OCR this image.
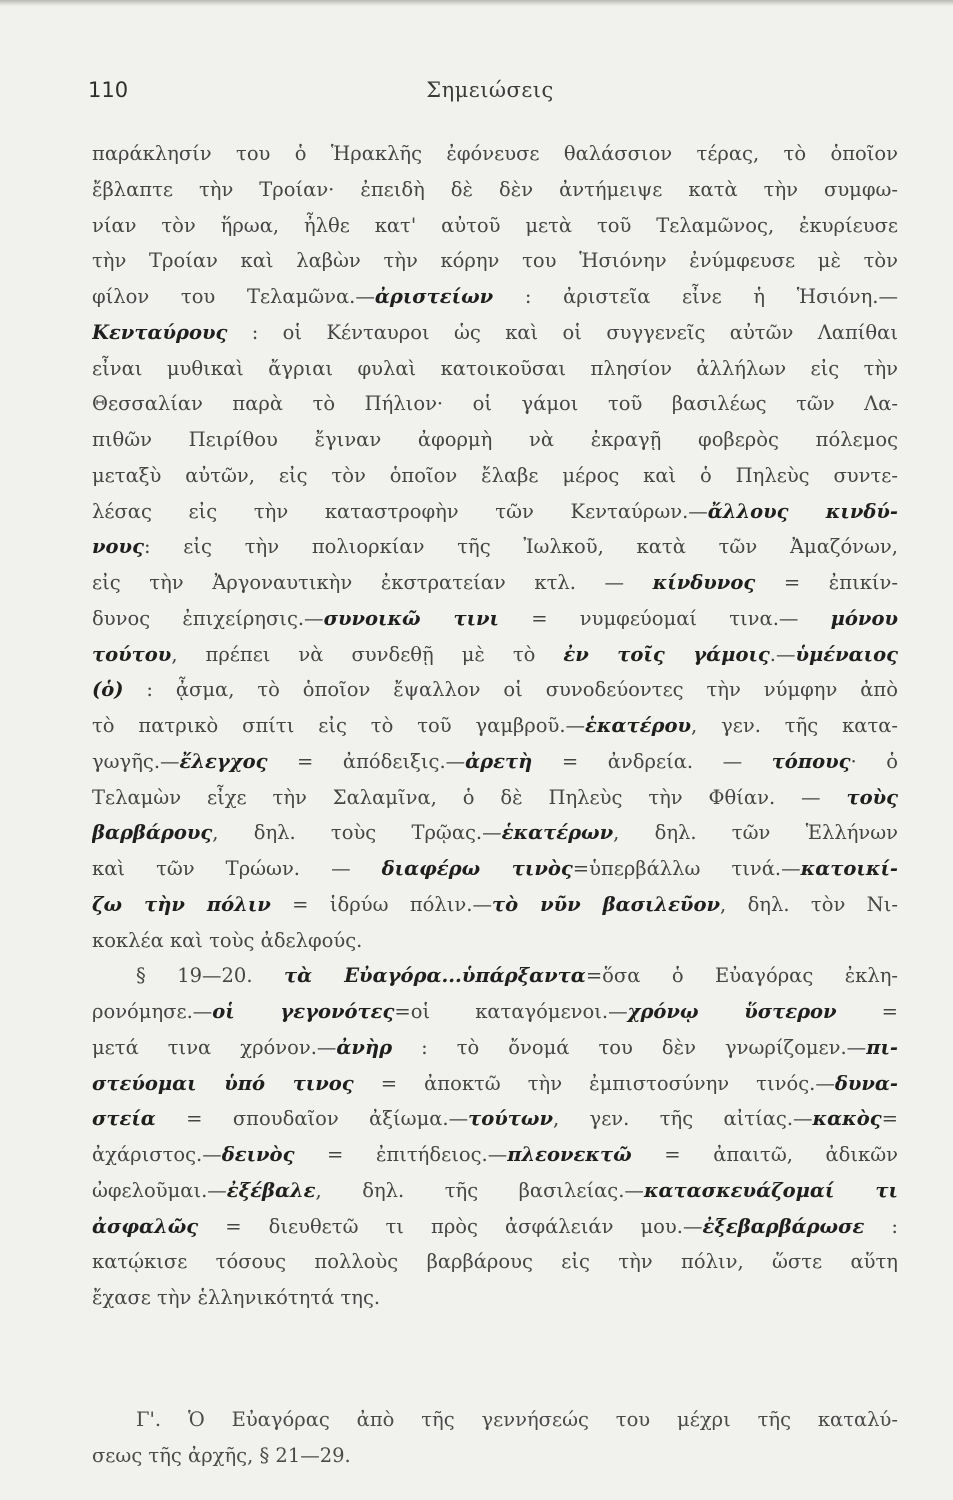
110	Σημειώσεις
παράκλησίν του ὁ Ἡρακλῆς ἐφόνευσε θαλάσσιον τέρας, τὸ ὁποῖον
ἔβλαπτε τὴν Τροίαν· ἐπειδὴ δὲ δὲν ἀντήμειψε κατὰ τὴν συμφω-
νίαν τὸν ἥρωα, ἦλθε κατ' αὐτοῦ μετὰ τοῦ Τελαμῶνος, ἐκυρίευσε
τὴν Τροίαν καὶ λαβὼν τὴν κόρην του Ἡσιόνην ἐνύμφευσε μὲ τὸν
φίλον του Τελαμῶνα.—ἀριστείων : ἀριστεῖα εἶνε ἡ Ἡσιόνη.—
Κενταύρους : οἱ Κένταυροι ὡς καὶ οἱ συγγενεῖς αὐτῶν Λαπίθαι
εἶναι μυθικαὶ ἄγριαι φυλαὶ κατοικοῦσαι πλησίον ἀλλήλων εἰς τὴν
Θεσσαλίαν παρὰ τὸ Πήλιον· οἱ γάμοι τοῦ βασιλέως τῶν Λα-
πιθῶν Πειρίθου ἔγιναν ἀφορμὴ νὰ ἐκραγῇ φοβερὸς πόλεμος
μεταξὺ αὐτῶν, εἰς τὸν ὁποῖον ἔλαβε μέρος καὶ ὁ Πηλεὺς συντε-
λέσας εἰς τὴν καταστροφὴν τῶν Κενταύρων.—ἄλλους κινδύ-
νους: εἰς τὴν πολιορκίαν τῆς Ἰωλκοῦ, κατὰ τῶν Ἀμαζόνων,
εἰς τὴν Ἀργοναυτικὴν ἐκστρατείαν κτλ. — κίνδυνος = ἐπικίν-
δυνος ἐπιχείρησις.—συνοικῶ τινι = νυμφεύομαί τινα.— μόνου
τούτου, πρέπει νὰ συνδεθῇ μὲ τὸ ἐν τοῖς γάμοις.—ὑμέναιος
(ὁ) : ᾆσμα, τὸ ὁποῖον ἔψαλλον οἱ συνοδεύοντες τὴν νύμφην ἀπὸ
τὸ πατρικὸ σπίτι εἰς τὸ τοῦ γαμβροῦ.—ἑκατέρου, γεν. τῆς κατα-
γωγῆς.—ἔλεγχος = ἀπόδειξις.—ἀρετὴ = ἀνδρεία. — τόπους· ὁ
Τελαμὼν εἶχε τὴν Σαλαμῖνα, ὁ δὲ Πηλεὺς τὴν Φθίαν. — τοὺς
βαρβάρους, δηλ. τοὺς Τρῷας.—ἑκατέρων, δηλ. τῶν Ἑλλήνων
καὶ τῶν Τρώων. — διαφέρω τινὸς=ὑπερβάλλω τινά.—κατοικί-
ζω τὴν πόλιν = ἱδρύω πόλιν.—τὸ νῦν βασιλεῦον, δηλ. τὸν Νι-
κοκλέα καὶ τοὺς ἀδελφούς.
§ 19—20. τὰ Εὐαγόρα...ὑπάρξαντα=ὅσα ὁ Εὐαγόρας ἐκλη-
ρονόμησε.—οἱ γεγονότες=οἱ καταγόμενοι.—χρόνῳ ὕστερον =
μετά τινα χρόνον.—ἀνὴρ : τὸ ὄνομά του δὲν γνωρίζομεν.—πι-
στεύομαι ὑπό τινος = ἀποκτῶ τὴν ἐμπιστοσύνην τινός.—δυνα-
στεία = σπουδαῖον ἀξίωμα.—τούτων, γεν. τῆς αἰτίας.—κακὸς=
ἀχάριστος.—δεινὸς = ἐπιτήδειος.—πλεονεκτῶ = ἀπαιτῶ, ἀδικῶν
ὠφελοῦμαι.—ἐξέβαλε, δηλ. τῆς βασιλείας.—κατασκευάζομαί τι
ἀσφαλῶς = διευθετῶ τι πρὸς ἀσφάλειάν μου.—ἐξεβαρβάρωσε :
κατῴκισε τόσους πολλοὺς βαρβάρους εἰς τὴν πόλιν, ὥστε αὕτη
ἔχασε τὴν ἑλληνικότητά της.
Γ'. Ὁ Εὐαγόρας ἀπὸ τῆς γεννήσεώς του μέχρι τῆς καταλύ-
σεως τῆς ἀρχῆς, § 21—29.
